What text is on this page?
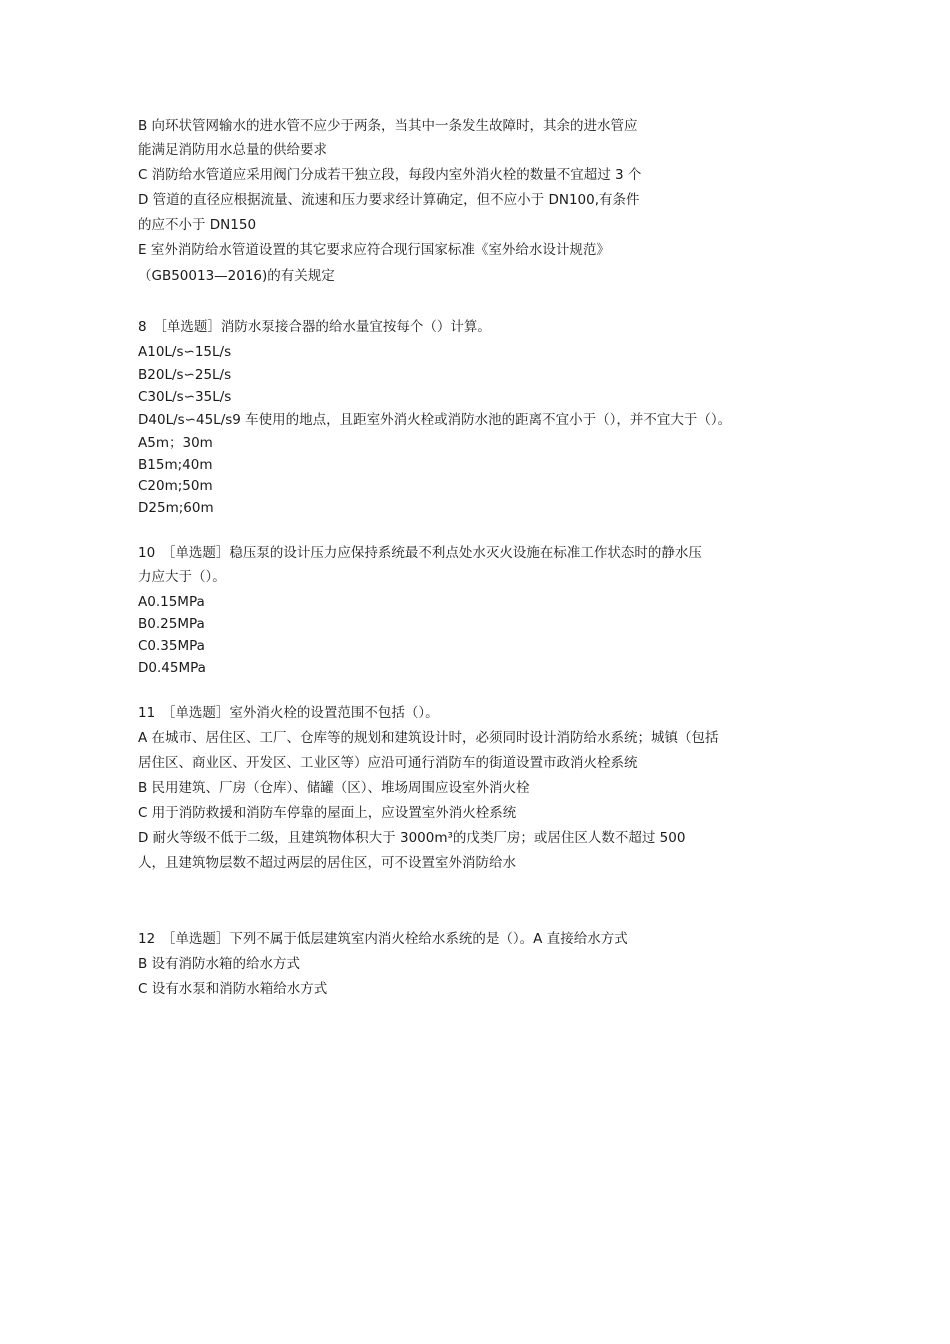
B 向环状管网输水的进水管不应少于两条，当其中一条发生故障时，其余的进水管应
能满足消防用水总量的供给要求
C 消防给水管道应采用阀门分成若干独立段，每段内室外消火栓的数量不宜超过 3 个
D 管道的直径应根据流量、流速和压力要求经计算确定，但不应小于 DN100,有条件
的应不小于 DN150
E 室外消防给水管道设置的其它要求应符合现行国家标准《室外给水设计规范》
（GB50013—2016)的有关规定
8　［单选题］消防水泵接合器的给水量宜按每个（）计算。
A10L/s∽15L/s
B20L/s∽25L/s
C30L/s∽35L/s
D40L/s∽45L/s9 车使用的地点，且距室外消火栓或消防水池的距离不宜小于（），并不宜大于（）。
A5m；30m
B15m;40m
C20m;50m
D25m;60m
10　［单选题］稳压泵的设计压力应保持系统最不利点处水灭火设施在标准工作状态时的静水压
力应大于（）。
A0.15MPa
B0.25MPa
C0.35MPa
D0.45MPa
11　［单选题］室外消火栓的设置范围不包括（）。
A 在城市、居住区、工厂、仓库等的规划和建筑设计时，必须同时设计消防给水系统；城镇（包括
居住区、商业区、开发区、工业区等）应沿可通行消防车的街道设置市政消火栓系统
B 民用建筑、厂房（仓库）、储罐（区）、堆场周围应设室外消火栓
C 用于消防救援和消防车停靠的屋面上，应设置室外消火栓系统
D 耐火等级不低于二级，且建筑物体积大于 3000m³的戊类厂房；或居住区人数不超过 500
人，且建筑物层数不超过两层的居住区，可不设置室外消防给水
12　［单选题］下列不属于低层建筑室内消火栓给水系统的是（）。A 直接给水方式
B 设有消防水箱的给水方式
C 设有水泵和消防水箱给水方式
